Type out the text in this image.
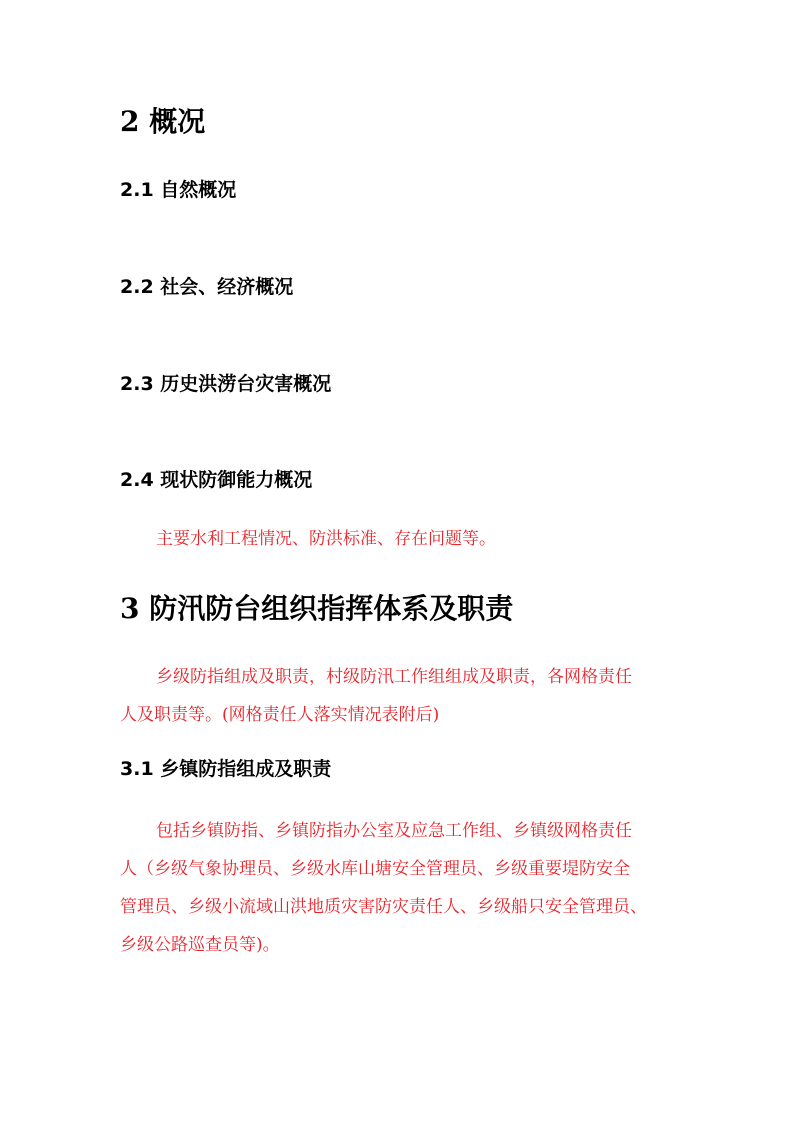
2 概况
2.1 自然概况
2.2 社会、经济概况
2.3 历史洪涝台灾害概况
2.4 现状防御能力概况
主要水利工程情况、防洪标准、存在问题等。
3 防汛防台组织指挥体系及职责
乡级防指组成及职责，村级防汛工作组组成及职责，各网格责任
人及职责等。(网格责任人落实情况表附后)
3.1 乡镇防指组成及职责
包括乡镇防指、乡镇防指办公室及应急工作组、乡镇级网格责任
人（乡级气象协理员、乡级水库山塘安全管理员、乡级重要堤防安全
管理员、乡级小流域山洪地质灾害防灾责任人、乡级船只安全管理员、
乡级公路巡查员等)。
